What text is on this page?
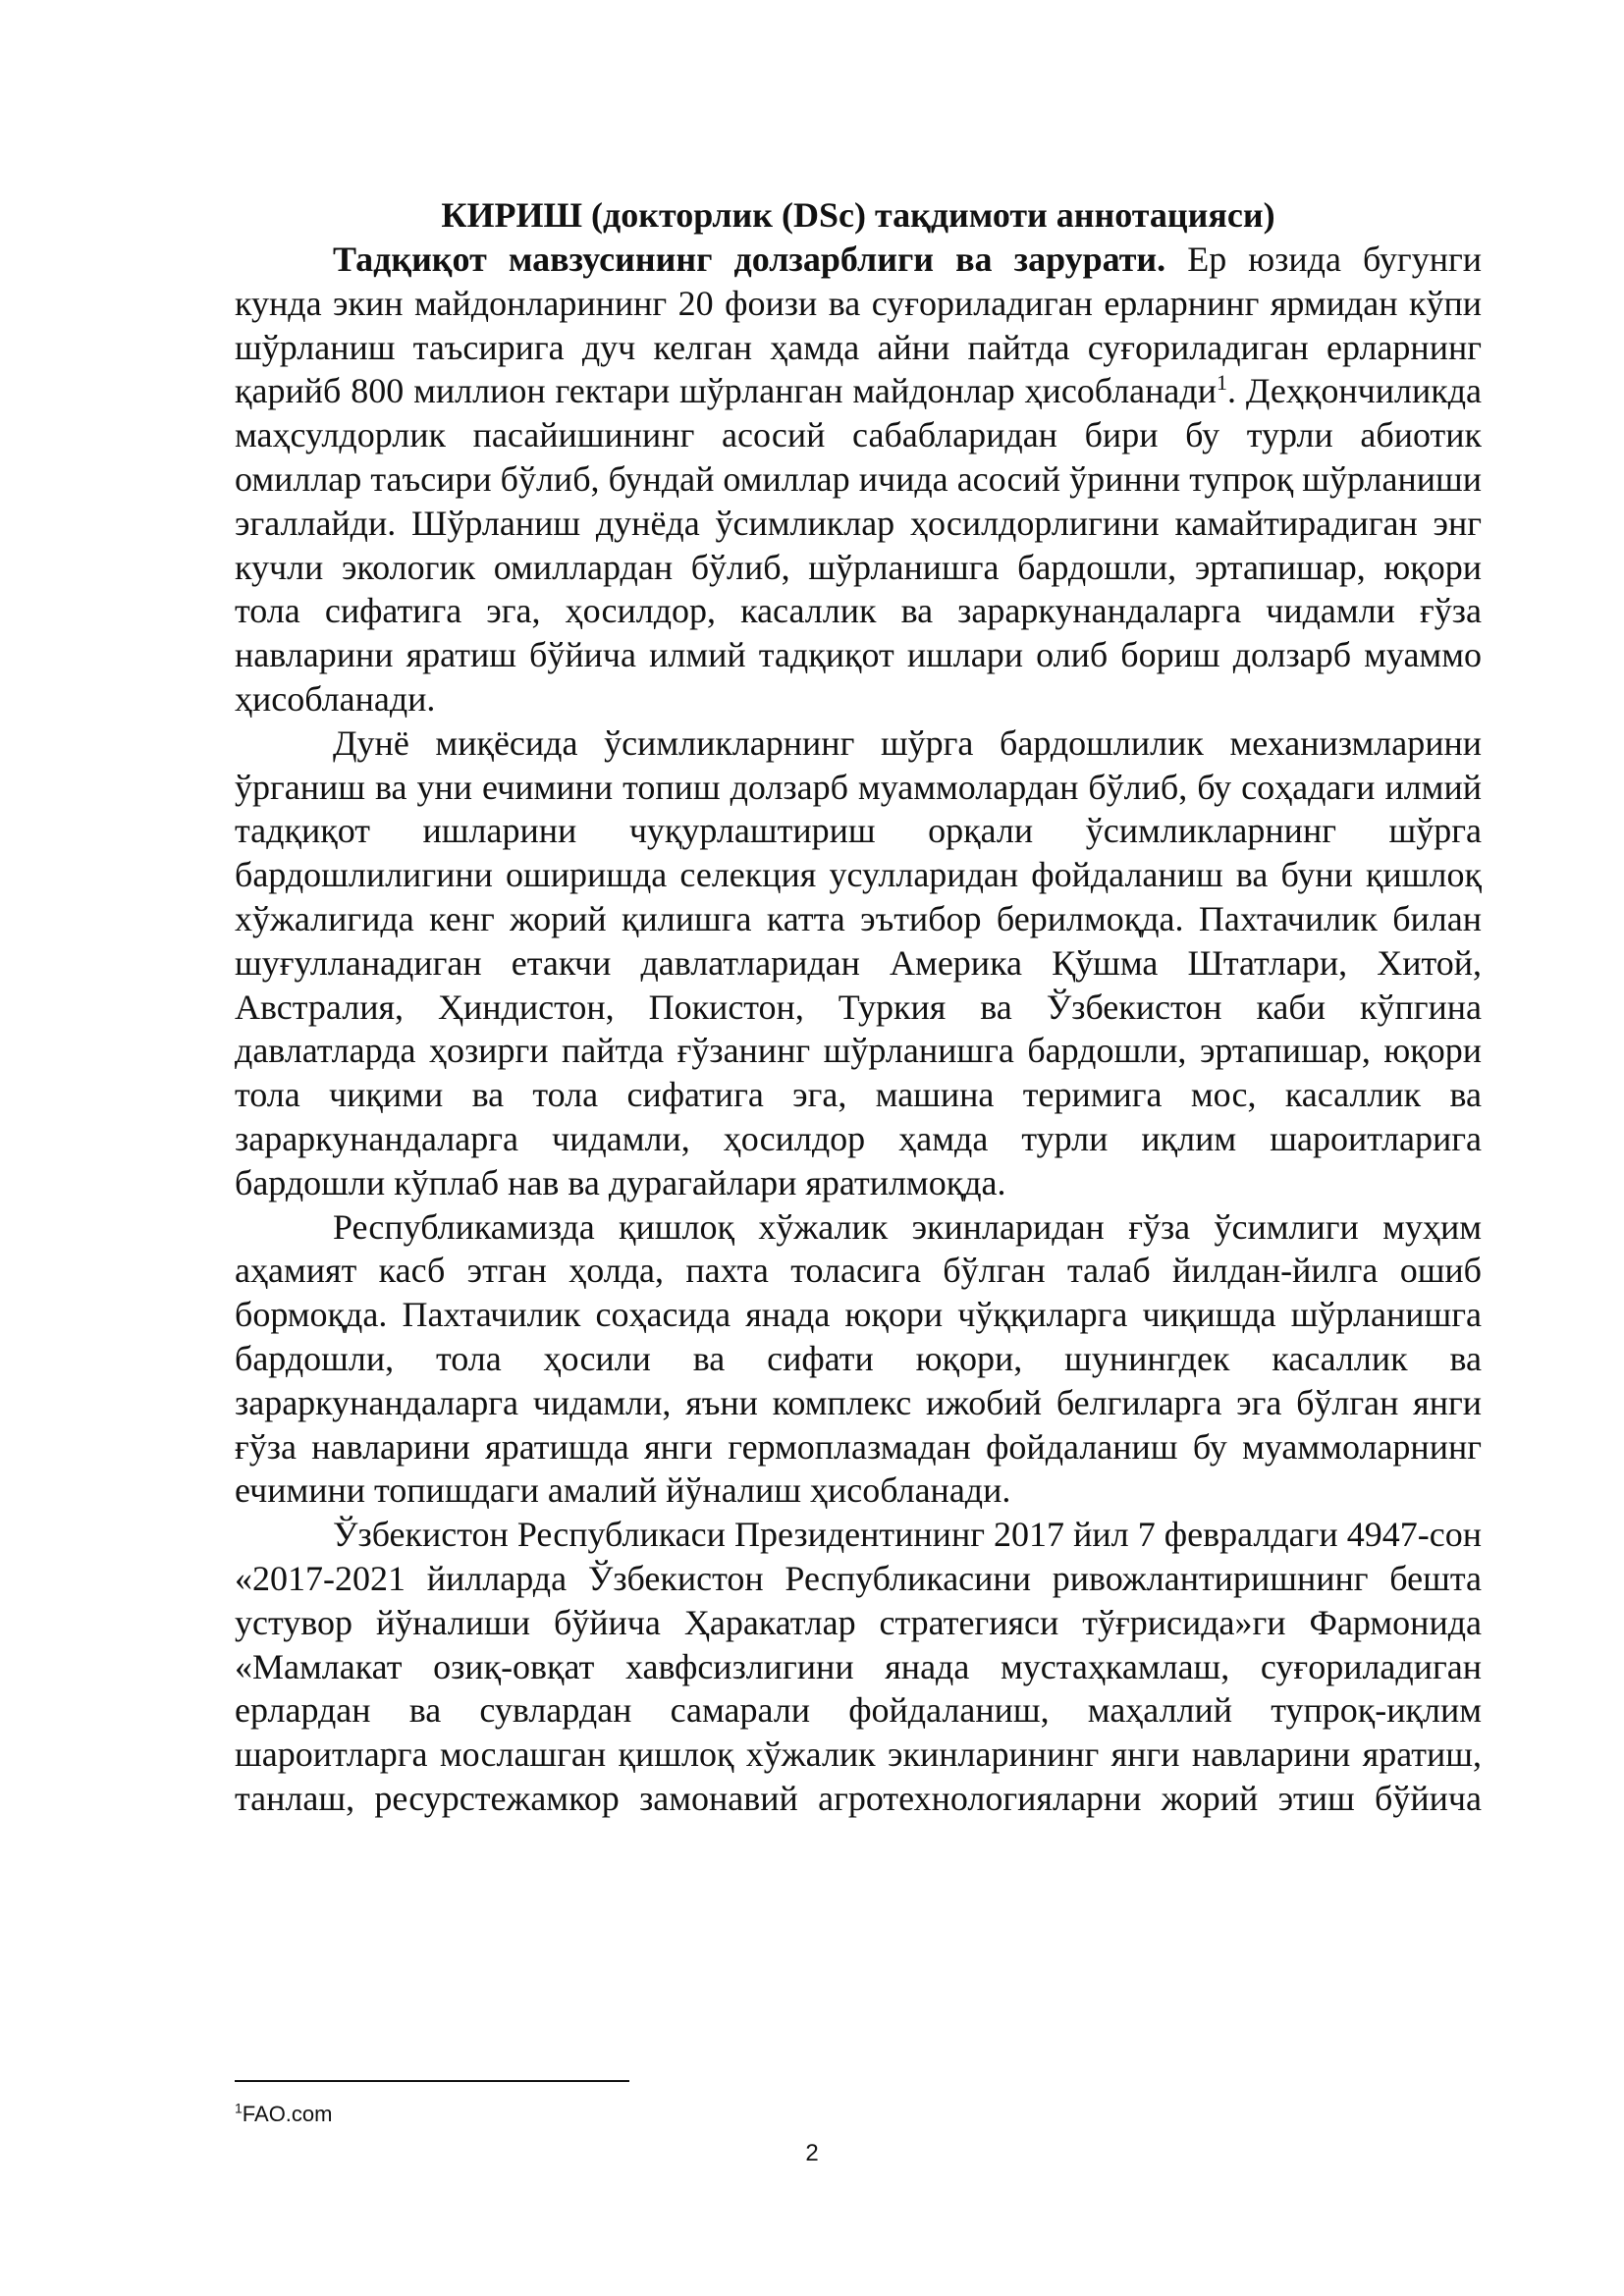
КИРИШ (докторлик (DSc) тақдимоти аннотацияси)

Тадқиқот мавзусининг долзарблиги ва зарурати. Ер юзида бугунги кунда экин майдонларининг 20 фоизи ва суғориладиган ерларнинг ярмидан кўпи шўрланиш таъсирига дуч келган ҳамда айни пайтда суғориладиган ерларнинг қарийб 800 миллион гектари шўрланган майдонлар ҳисобланади$^1$. Деҳқончиликда маҳсулдорлик пасайишининг асосий сабабларидан бири бу турли абиотик омиллар таъсири бўлиб, бундай омиллар ичида асосий ўринни тупроқ шўрланиши эгаллайди. Шўрланиш дунёда ўсимликлар ҳосилдорлигини камайтирадиган энг кучли экологик омиллардан бўлиб, шўрланишга бардошли, эртапишар, юқори тола сифатига эга, ҳосилдор, касаллик ва зараркунандаларга чидамли ғўза навларини яратиш бўйича илмий тадқиқот ишлари олиб бориш долзарб муаммо ҳисобланади.

Дунё миқёсида ўсимликларнинг шўрга бардошлилик механизмларини ўрганиш ва уни ечимини топиш долзарб муаммолардан бўлиб, бу соҳадаги илмий тадқиқот ишларини чуқурлаштириш орқали ўсимликларнинг шўрга бардошлилигини оширишда селекция усулларидан фойдаланиш ва буни қишлоқ хўжалигида кенг жорий қилишга катта эътибор берилмоқда. Пахтачилик билан шуғулланадиган етакчи давлатларидан Америка Қўшма Штатлари, Хитой, Австралия, Ҳиндистон, Покистон, Туркия ва Ўзбекистон каби кўпгина давлатларда ҳозирги пайтда ғўзанинг шўрланишга бардошли, эртапишар, юқори тола чиқими ва тола сифатига эга, машина теримига мос, касаллик ва зараркунандаларга чидамли, ҳосилдор ҳамда турли иқлим шароитларига бардошли кўплаб нав ва дурагайлари яратилмоқда.

Республикамизда қишлоқ хўжалик экинларидан ғўза ўсимлиги муҳим аҳамият касб этган ҳолда, пахта толасига бўлган талаб йилдан-йилга ошиб бормоқда. Пахтачилик соҳасида янада юқори чўққиларга чиқишда шўрланишга бардошли, тола ҳосили ва сифати юқори, шунингдек касаллик ва зараркунандаларга чидамли, яъни комплекс ижобий белгиларга эга бўлган янги ғўза навларини яратишда янги гермоплазмадан фойдаланиш бу муаммоларнинг ечимини топишдаги амалий йўналиш ҳисобланади.

Ўзбекистон Республикаси Президентининг 2017 йил 7 февралдаги 4947-сон «2017-2021 йилларда Ўзбекистон Республикасини ривожлантиришнинг бешта устувор йўналиши бўйича Ҳаракатлар стратегияси тўғрисида»ги Фармонида «Мамлакат озиқ-овқат хавфсизлигини янада мустаҳкамлаш, суғориладиган ерлардан ва сувлардан самарали фойдаланиш, маҳаллий тупроқ-иқлим шароитларга мослашган қишлоқ хўжалик экинларининг янги навларини яратиш, танлаш, ресурстежамкор замонавий агротехнологияларни жорий этиш бўйича

$^1$FAO.com
2
